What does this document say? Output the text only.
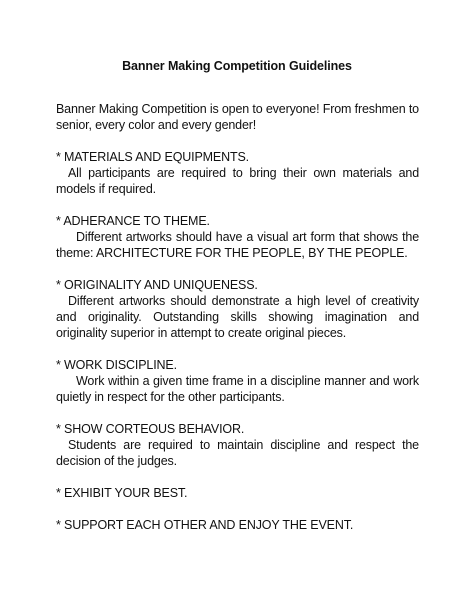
Banner Making Competition Guidelines

Banner Making Competition is open to everyone! From freshmen to senior, every color and every gender!

* MATERIALS AND EQUIPMENTS.

All participants are required to bring their own materials and models if required.

* ADHERANCE TO THEME.

Different artworks should have a visual art form that shows the theme: ARCHITECTURE FOR THE PEOPLE, BY THE PEOPLE.

* ORIGINALITY AND UNIQUENESS.

Different artworks should demonstrate a high level of creativity and originality. Outstanding skills showing imagination and originality superior in attempt to create original pieces.

* WORK DISCIPLINE.

Work within a given time frame in a discipline manner and work quietly in respect for the other participants.

* SHOW CORTEOUS BEHAVIOR.

Students are required to maintain discipline and respect the decision of the judges.

* EXHIBIT YOUR BEST.

* SUPPORT EACH OTHER AND ENJOY THE EVENT.
